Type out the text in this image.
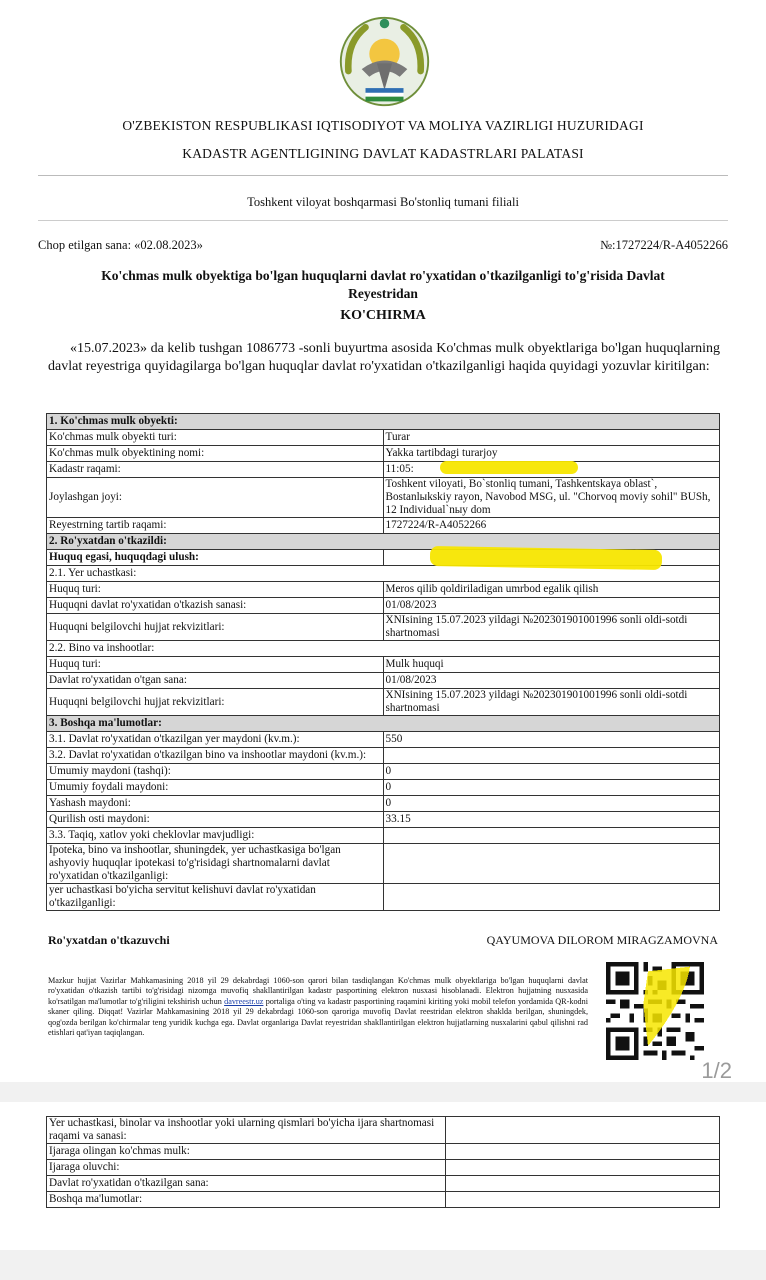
O'ZBEKISTON RESPUBLIKASI IQTISODIYOT VA MOLIYA VAZIRLIGI HUZURIDAGI
KADASTR AGENTLIGINING DAVLAT KADASTRLARI PALATASI
Toshkent viloyat boshqarmasi Bo'stonliq tumani filiali
Chop etilgan sana: «02.08.2023»	№:1727224/R-A4052266
Ko'chmas mulk obyektiga bo'lgan huquqlarni davlat ro'yxatidan o'tkazilganligi to'g'risida Davlat Reyestridan
KO'CHIRMA
«15.07.2023» da kelib tushgan 1086773 -sonli buyurtma asosida Ko'chmas mulk obyektlariga bo'lgan huquqlarning davlat reyestriga quyidagilarga bo'lgan huquqlar davlat ro'yxatidan o'tkazilganligi haqida quyidagi yozuvlar kiritilgan:
1. Ko'chmas mulk obyekti:	
Ko'chmas mulk obyekti turi:	Turar
Ko'chmas mulk obyektining nomi:	Yakka tartibdagi turarjoy
Kadastr raqami:	11:05:
Joylashgan joyi:	Toshkent viloyati, Bo`stonliq tumani, Tashkentskaya oblast`, Bostanlыkskiy rayon, Navobod MSG, ul. "Chorvoq moviy sohil" BUSh, 12 Individual`nыy dom
Reyestrning tartib raqami:	1727224/R-A4052266
2. Ro'yxatdan o'tkazildi:	
Huquq egasi, huquqdagi ulush:	
2.1. Yer uchastkasi:	
Huquq turi:	Meros qilib qoldiriladigan umrbod egalik qilish
Huquqni davlat ro'yxatidan o'tkazish sanasi:	01/08/2023
Huquqni belgilovchi hujjat rekvizitlari:	XNIsining 15.07.2023 yildagi №202301901001996 sonli oldi-sotdi shartnomasi
2.2. Bino va inshootlar:	
Huquq turi:	Mulk huquqi
Davlat ro'yxatidan o'tgan sana:	01/08/2023
Huquqni belgilovchi hujjat rekvizitlari:	XNIsining 15.07.2023 yildagi №202301901001996 sonli oldi-sotdi shartnomasi
3. Boshqa ma'lumotlar:	
3.1. Davlat ro'yxatidan o'tkazilgan yer maydoni (kv.m.):	550
3.2. Davlat ro'yxatidan o'tkazilgan bino va inshootlar maydoni (kv.m.):	
Umumiy maydoni (tashqi):	0
Umumiy foydali maydoni:	0
Yashash maydoni:	0
Qurilish osti maydoni:	33.15
3.3. Taqiq, xatlov yoki cheklovlar mavjudligi:	
Ipoteka, bino va inshootlar, shuningdek, yer uchastkasiga bo'lgan ashyoviy huquqlar ipotekasi to'g'risidagi shartnomalarni davlat ro'yxatidan o'tkazilganligi:	
yer uchastkasi bo'yicha servitut kelishuvi davlat ro'yxatidan o'tkazilganligi:	
Ro'yxatdan o'tkazuvchi	QAYUMOVA DILOROM MIRAGZAMOVNA
Mazkur hujjat Vazirlar Mahkamasining 2018 yil 29 dekabrdagi 1060-son qarori bilan tasdiqlangan Ko'chmas mulk obyektlariga bo'lgan huquqlarni davlat ro'yxatidan o'tkazish tartibi to'g'risidagi nizomga muvofiq shakllantirilgan kadastr pasportining elektron nusxasi hisoblanadi. Elektron hujjatning nusxasida ko'rsatilgan ma'lumotlar to'g'riligini tekshirish uchun davreestr.uz portaliga o'ting va kadastr pasportining raqamini kiriting yoki mobil telefon yordamida QR-kodni skaner qiling. Diqqat! Vazirlar Mahkamasining 2018 yil 29 dekabrdagi 1060-son qaroriga muvofiq Davlat reestridan elektron shaklda berilgan, shuningdek, qog'ozda berilgan ko'chirmalar teng yuridik kuchga ega. Davlat organlariga Davlat reyestridan shakllantirilgan elektron hujjatlarning nusxalarini qabul qilishni rad etishlari qat'iyan taqiqlangan.
1/2
Yer uchastkasi, binolar va inshootlar yoki ularning qismlari bo'yicha ijara shartnomasi raqami va sanasi:	
Ijaraga olingan ko'chmas mulk:	
Ijaraga oluvchi:	
Davlat ro'yxatidan o'tkazilgan sana:	
Boshqa ma'lumotlar:	
